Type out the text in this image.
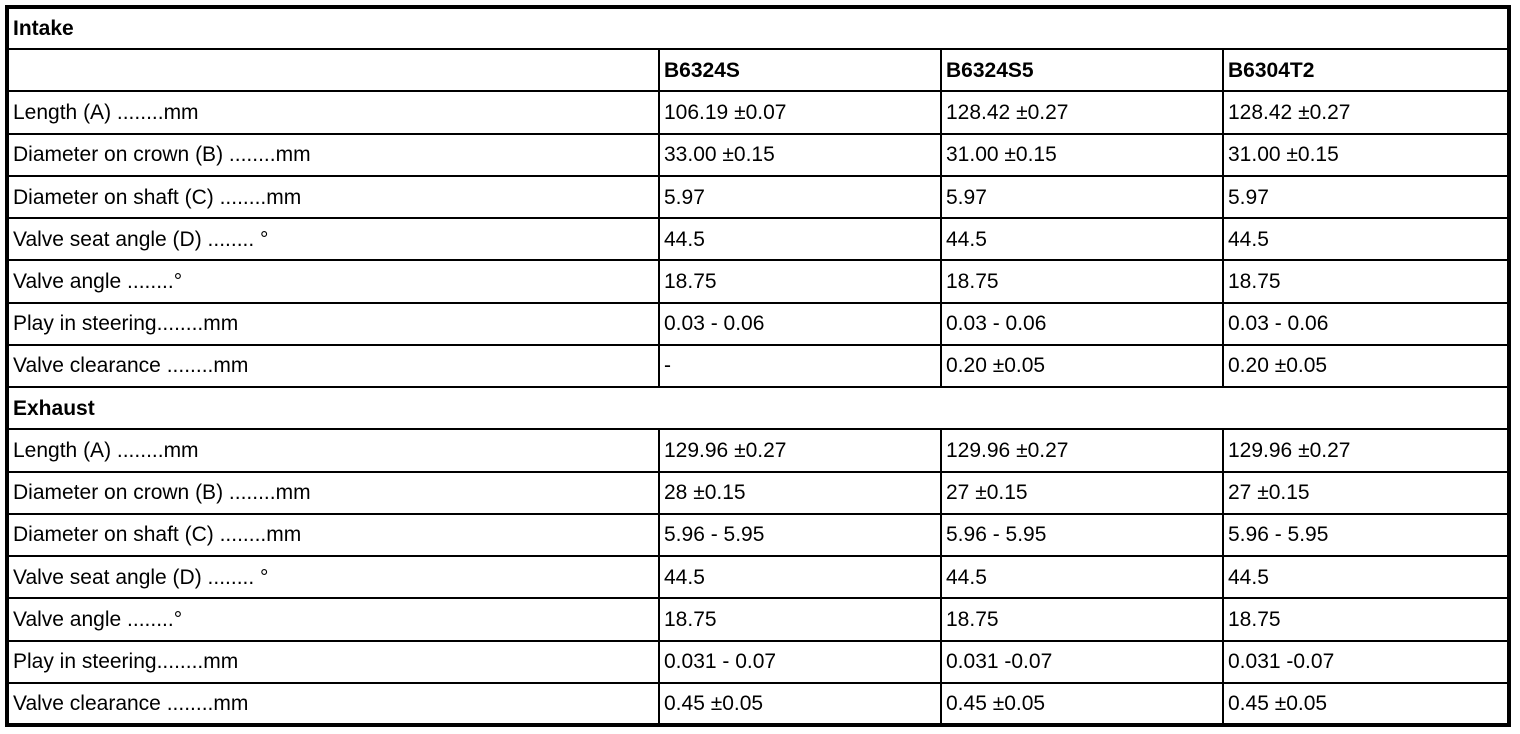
Intake			
	B6324S	B6324S5	B6304T2
Length (A) ........mm	106.19 ±0.07	128.42 ±0.27	128.42 ±0.27
Diameter on crown (B) ........mm	33.00 ±0.15	31.00 ±0.15	31.00 ±0.15
Diameter on shaft (C) ........mm	5.97	5.97	5.97
Valve seat angle (D) ........ °	44.5	44.5	44.5
Valve angle ........°	18.75	18.75	18.75
Play in steering........mm	0.03 - 0.06	0.03 - 0.06	0.03 - 0.06
Valve clearance ........mm	-	0.20 ±0.05	0.20 ±0.05
Exhaust			
Length (A) ........mm	129.96 ±0.27	129.96 ±0.27	129.96 ±0.27
Diameter on crown (B) ........mm	28 ±0.15	27 ±0.15	27 ±0.15
Diameter on shaft (C) ........mm	5.96 - 5.95	5.96 - 5.95	5.96 - 5.95
Valve seat angle (D) ........ °	44.5	44.5	44.5
Valve angle ........°	18.75	18.75	18.75
Play in steering........mm	0.031 - 0.07	0.031 -0.07	0.031 -0.07
Valve clearance ........mm	0.45 ±0.05	0.45 ±0.05	0.45 ±0.05
